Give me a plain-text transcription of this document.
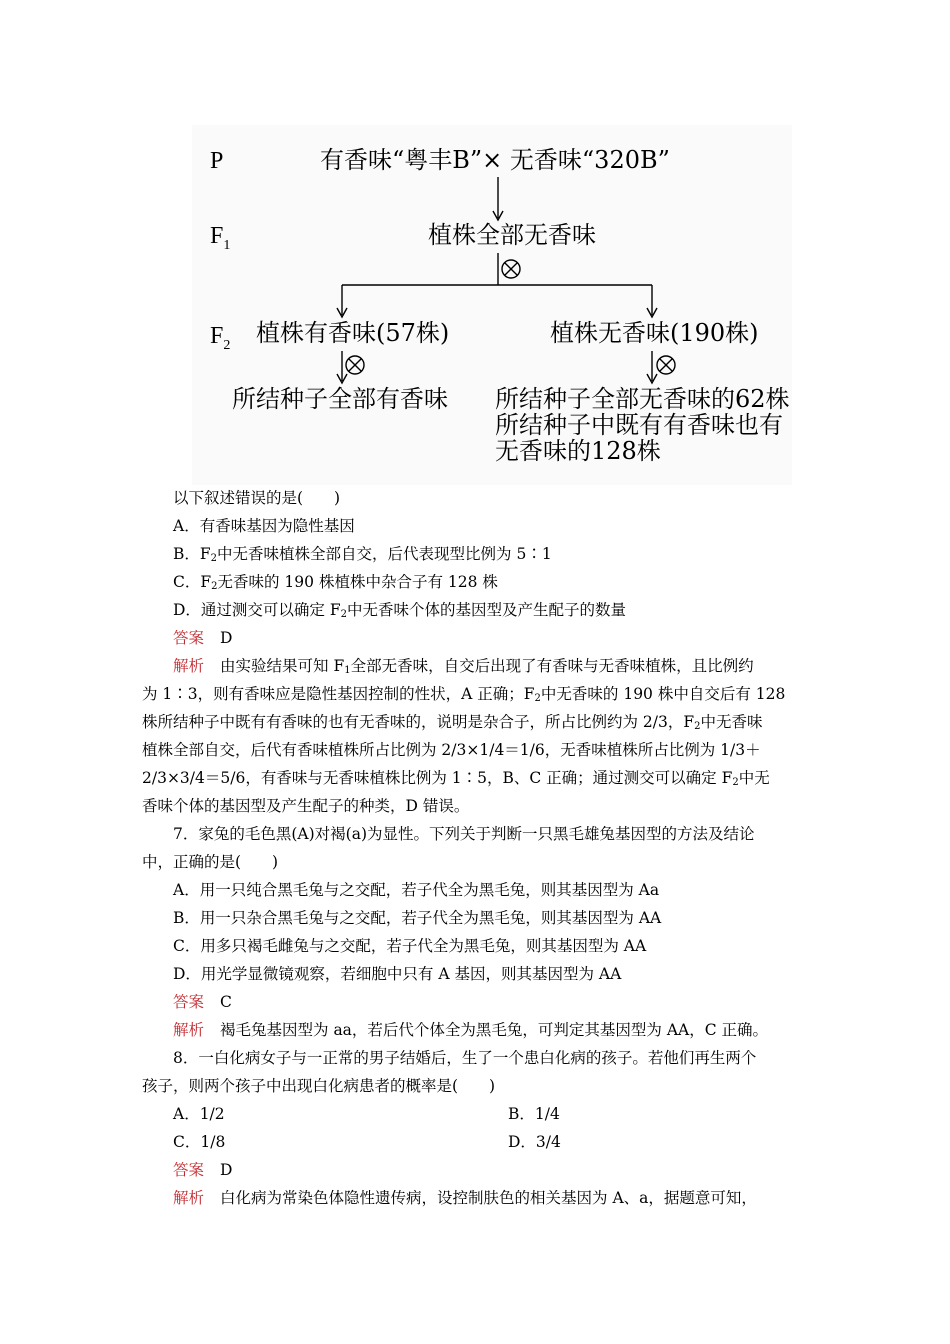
P
$F_1$
$F_2$
有香味“粤丰B”× 无香味“320B”
植株全部无香味
植株有香味(57株)	植株无香味(190株)
所结种子全部有香味 所结种子全部无香味的62株
所结种子中既有有香味也有
无香味的128株
以下叙述错误的是(　　)
A．有香味基因为隐性基因
B．$F_2$中无香味植株全部自交，后代表现型比例为 5∶1
C．$F_2$无香味的 190 株植株中杂合子有 128 株
D．通过测交可以确定 $F_2$中无香味个体的基因型及产生配子的数量
答案 D
解析 由实验结果可知 $F_1$全部无香味，自交后出现了有香味与无香味植株，且比例约
为 1∶3，则有香味应是隐性基因控制的性状，A 正确；$F_2$中无香味的 190 株中自交后有 128
株所结种子中既有有香味的也有无香味的，说明是杂合子，所占比例约为 2/3，$F_2$中无香味
植株全部自交，后代有香味植株所占比例为 2/3×1/4＝1/6，无香味植株所占比例为 1/3＋
2/3×3/4＝5/6，有香味与无香味植株比例为 1∶5，B、C 正确；通过测交可以确定 $F_2$中无
香味个体的基因型及产生配子的种类，D 错误。
7．家兔的毛色黑(A)对褐(a)为显性。下列关于判断一只黑毛雄兔基因型的方法及结论
中，正确的是(　　)
A．用一只纯合黑毛兔与之交配，若子代全为黑毛兔，则其基因型为 Aa
B．用一只杂合黑毛兔与之交配，若子代全为黑毛兔，则其基因型为 AA
C．用多只褐毛雌兔与之交配，若子代全为黑毛兔，则其基因型为 AA
D．用光学显微镜观察，若细胞中只有 A 基因，则其基因型为 AA
答案 C
解析 褐毛兔基因型为 aa，若后代个体全为黑毛兔，可判定其基因型为 AA，C 正确。
8．一白化病女子与一正常的男子结婚后，生了一个患白化病的孩子。若他们再生两个
孩子，则两个孩子中出现白化病患者的概率是(　　)
A．1/2	B．1/4
C．1/8	D．3/4
答案 D
解析 白化病为常染色体隐性遗传病，设控制肤色的相关基因为 A、a，据题意可知，
